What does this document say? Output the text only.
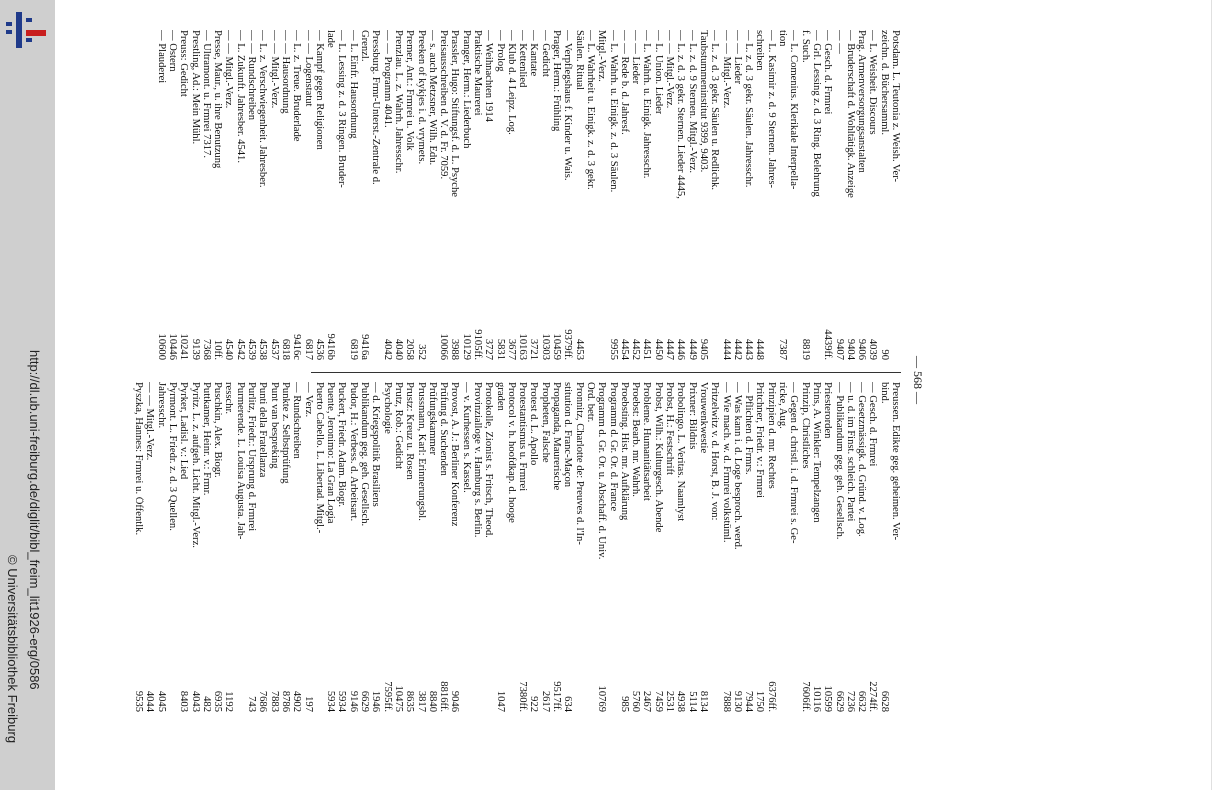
http://dl.ub.uni-freiburg.de/diglit/bibl_freim_lit1926-erg/0586
© Universitätsbibliothek Freiburg
— 568 —
Potsdam. L. Teutonia z. Weish. Ver-
zeichn. d. Büchersamml.
90
— L. Weisheit. Discours
4039
Prag. Armenversorgungsanstalten
9406
— Bruderschaft d. Wohltätigk. Anzeige
9404
— —
9407
— Gesch. d. Frmrei
4439ff.
— Grl. Lessing z. d. 3 Ring. Belehrung
f. Such.
8819
— L. Comenius. Klerikale Interpella-
tion
7387
— L. Kasimir z. d. 9 Sternen. Jahres-
schreiben
4448
— L. z. d. 3 gekr. Säulen. Jahresschr.
4443
— — Lieder
4442
— — Mitgl.-Verz.
4444
— L. z. d. 3 gekr. Säulen u. Redlichk.
Taubstummeninstitut 9399, 9403.
9405
— L. z. d. 9 Sternen. Mitgl.-Verz.
4449
— L. z. d. 3 gekr. Sternen. Lieder 4445,
4446
— — Mitgl.-Verz.
4447
— L. Union. Lieder
4450
— L. Wahrh. u. Einigk. Jahresschr.
4451
— — Lieder
4452
— — Rede b. d. Jahresf.
4454
— L. Wahrh. u. Einigk. z. d. 3 Säulen.
9955
Mitgl.-Verz.
— L. Wahrheit u. Einigk. z. d. 3 gekr.
Säulen. Ritual
4453
— Verpflegshaus f. Kinder u. Wais.
9379ff.
Prager, Herm.: Frühling
10459
— Gedicht
10303
— Kantate
3721
— Kettenlied
10163
— Klub d. 4 Leipz. Log.
3677
— Prolog
5831
— Weihnachten 1914
3727
Praktische Maurerei
9105ff.
Pranger, Herm.: Liederbuch
10129
Prassler, Hugo: Stiftungsf. d. L. Psyche
3988
Preisausschreiben d. V. d. Fr. 7059.
10066
— s. auch Metzsner, Wilh. Edu.
Preeken of kykjes i. d. vrymets.
352
Premer, Ant.: Frmrei u. Volk
2058
Prenzlau. L. z. Wahrh. Jahresschr.
4040
— — Programm 4041.
4042
Pressburg. Frmr-Unterst.-Zentrale d.
Grenzl.
9416a
— L. Einfr. Hausordnung
6819
— L. Lessing z. d. 3 Ringen. Bruder-
lade
9416b
— Kampf gegen Religionen
4536
— — Logenstatut
6817
— L. z. Treue. Bruderlade
9416c
— — Hausordnung
6818
— — Mitgl.-Verz.
4537
— L. z. Verschwiegenheit. Jahresber.
4538
— — Rundschreiben
4539
— L. Zukunft. Jahresber. 4541.
4542
— — Mitgl.-Verz.
4540
Presse, Maur., u. ihre Benutzung
10ff.
— Ultramont. u. Frmrei 7317.
7368
Prestling, Ad.: Mein Mühl.
9139
Preuss: Gedicht
10241
— Ostern
10446
— Plauderei
10600
Preussen. Edikte geg. geheimen. Ver-
bind.
6628
— Gesch. d. Frmrei
2274ff.
— Gesetzmässigk. d. Gründ. v. Log.
6632
— u. d. im Finst. schleich. Partei
7236
— Publikandum geg. geh. Gesellsch.
6629
Priesterorden
10599
Prins, A. Winkler: Tempelzangen
10116
Prinzip, Christliches
7606ff.
— Gegen d. christl. i. d. Frmrei s. Ge-
ricke, Aug.
Prinzipien d. mr. Rechtes
6376ff.
Pritchner, Friedr. v.: Frmrei
1750
— Pflichten d. Frmrs.
7944
— Was kann i. d. Loge besproch. werd.
9130
— Wie mach. w. d. Frmrei volkstüml.
7888
Pritzelwitz v. d. Horst, B. J. von:
Vrouwenkwestie
8134
Prixner: Bildnis
5114
Probolingo. L. Veritas. Naamlyst
4938
Probst, H.: Festschrift
2531
Probst, Wilh.: Kulturgesch. Abende
7459
Probleme. Humanitätsarbeit
2467
Proebst: Bearb. mr. Wahrh.
5760
Proebsting. Hist. mr. Aufklärung
985
Programm d. Gr. Or. d. France
Programm d. Gr. Or. u. Abschaff. d. Univ.
10769
Ord. betr.
Pronnitz, Charlotte de: Preuves d. l'In-
stitution d. Franc-Maçon
634
Propaganda, Maurerische
9517ff.
Propheten, Falsche
2617
Protest d. L. Apollo
922
Protestantismus u. Frmrei
7380ff.
Protocol v. h. hoofdkap. d. hooge
graden
1047
Protokolle, Zionist s. Fritsch, Theod.
Provinzialloge v. Hamburg s. Berlin.
— v. Kurhessen s. Kassel.
Provost, A. J.: Berliner Konferenz
9046
Prüfung d. Suchenden
8816ff.
Prüfungskammer
8840
Prussmann, Karl: Erinnerungsbl.
3817
Prustz: Kreuz u. Rosen
8635
Prutz, Rob.: Gedicht
10475
Psychologie
7595ff.
— d. Kriegspolitik Brasiliens
1946
Publikandum geg. geh. Gesellsch.
6629
Pudor, H.: Verbess. d. Arbeitsart.
9146
Puckert, Friedr. Adam. Biogr.
5934
Puente, Jeronimo: La Gran Logia
5934
Puerto Cabello. L. Libertad. Mitgl.-
— Verz.
197
— Rundschreiben
4902
Punkte z. Selbstprüfung
8786
Punt van bespreking
7883
Punti della Fratellanza
7686
Purlitz, Friedr.: Ursprung d. Frmrei
743
Purmerende. L. Louisa Augusta. Jah-
resschr.
1192
Puschkin, Alex. Biogr.
6935
Puttkamer, Heinr. v.: Frmr.
482
Pyritz. L. z. aufgeh. Licht. Mitgl.-Verz.
4043
Pyrker, Ladisl. v.: Lied
8403
Pyrmont. L. Friedr. z. d. 3 Quellen.
Jahresschr.
4045
— — Mitgl.-Verz.
4044
Pyszka, Hannes: Frmrei u. Öffentlk.
9535
